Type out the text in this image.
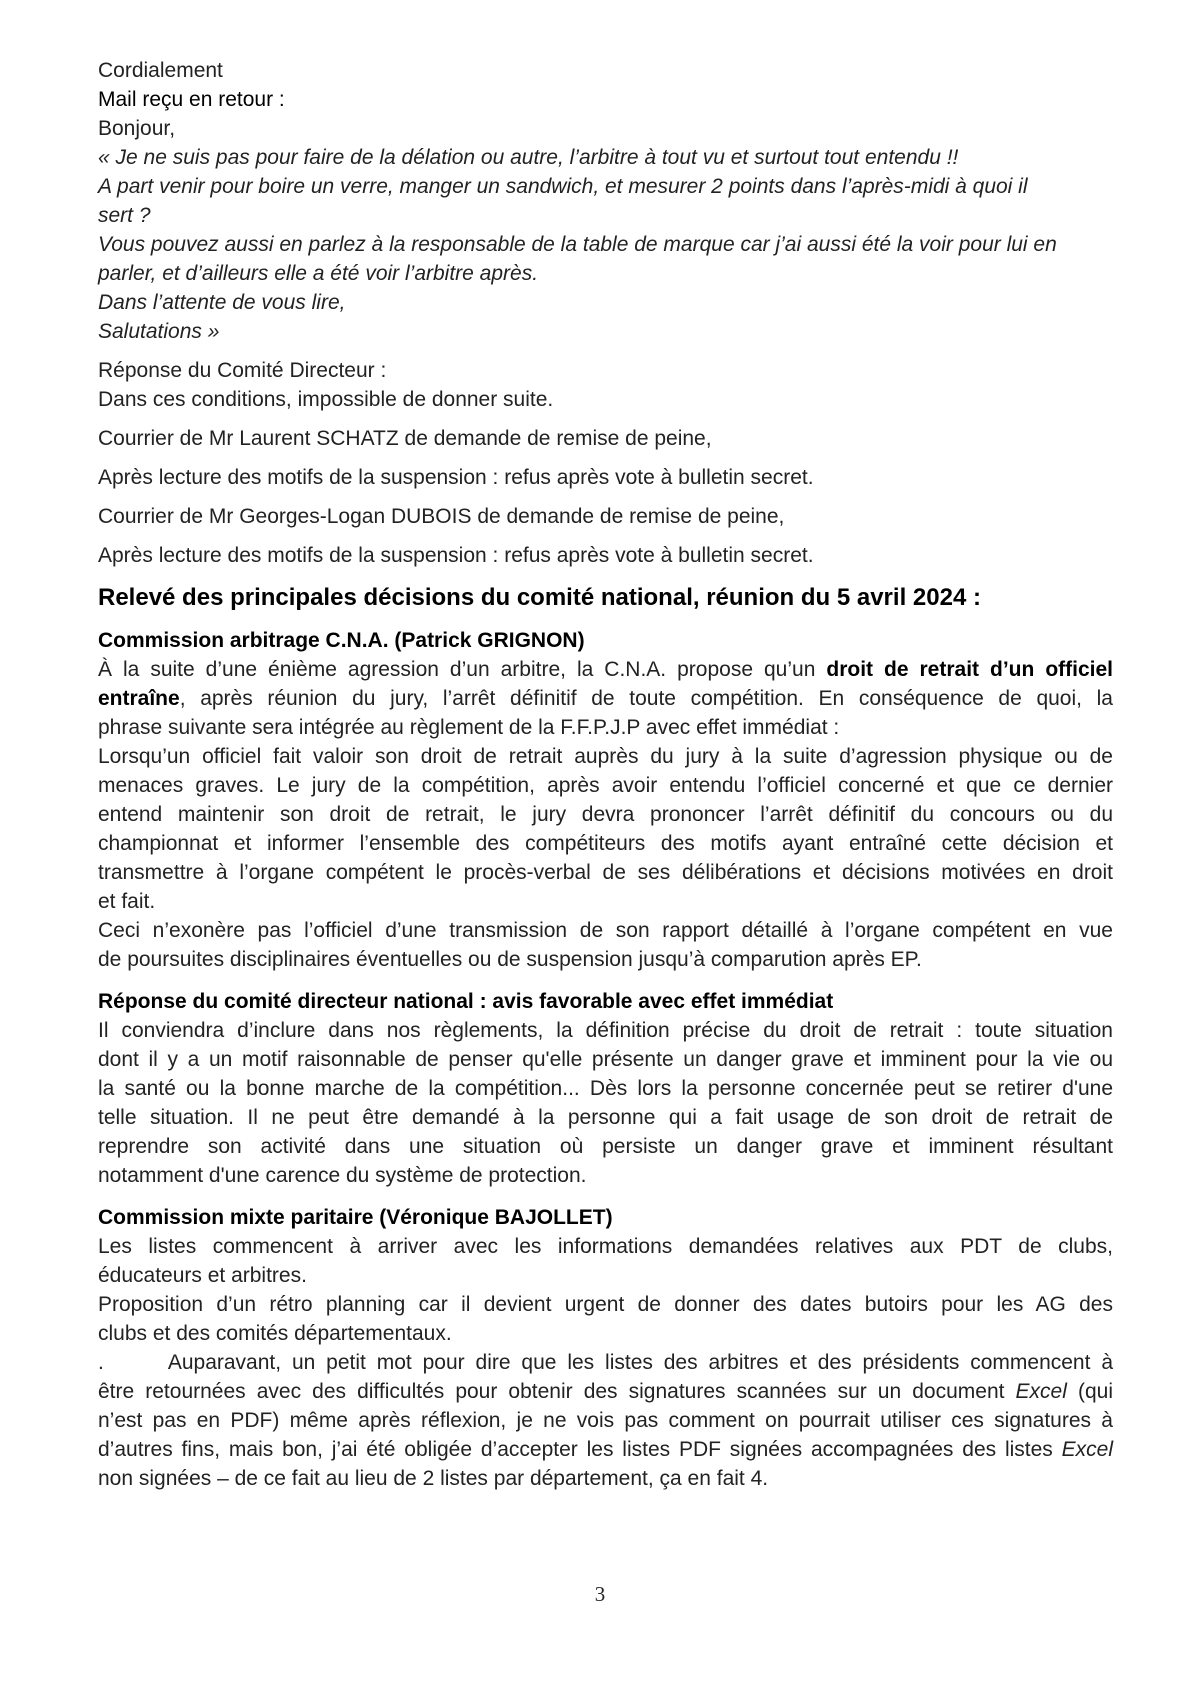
Cordialement
Mail reçu en retour :
Bonjour,
« Je ne suis pas pour faire de la délation ou autre, l’arbitre à tout vu et surtout tout entendu !!
A part venir pour boire un verre, manger un sandwich, et mesurer 2 points dans l’après-midi à quoi il
sert ?
Vous pouvez aussi en parlez à la responsable de la table de marque car j’ai aussi été la voir pour lui en
parler, et d’ailleurs elle a été voir l’arbitre après.
Dans l’attente de vous lire,
Salutations »
Réponse du Comité Directeur :
Dans ces conditions, impossible de donner suite.
Courrier de Mr Laurent SCHATZ de demande de remise de peine,
Après lecture des motifs de la suspension : refus après vote à bulletin secret.
Courrier de Mr Georges-Logan DUBOIS de demande de remise de peine,
Après lecture des motifs de la suspension : refus après vote à bulletin secret.
Relevé des principales décisions du comité national, réunion du 5 avril 2024 :
Commission arbitrage C.N.A. (Patrick GRIGNON)
À la suite d’une énième agression d’un arbitre, la C.N.A. propose qu’un droit de retrait d’un officiel
entraîne, après réunion du jury, l’arrêt définitif de toute compétition. En conséquence de quoi, la
phrase suivante sera intégrée au règlement de la F.F.P.J.P avec effet immédiat :
Lorsqu’un officiel fait valoir son droit de retrait auprès du jury à la suite d’agression physique ou de
menaces graves. Le jury de la compétition, après avoir entendu l’officiel concerné et que ce dernier
entend maintenir son droit de retrait, le jury devra prononcer l’arrêt définitif du concours ou du
championnat et informer l’ensemble des compétiteurs des motifs ayant entraîné cette décision et
transmettre à l’organe compétent le procès-verbal de ses délibérations et décisions motivées en droit
et fait.
Ceci n’exonère pas l’officiel d’une transmission de son rapport détaillé à l’organe compétent en vue
de poursuites disciplinaires éventuelles ou de suspension jusqu’à comparution après EP.
Réponse du comité directeur national : avis favorable avec effet immédiat
Il conviendra d’inclure dans nos règlements, la définition précise du droit de retrait : toute situation
dont il y a un motif raisonnable de penser qu'elle présente un danger grave et imminent pour la vie ou
la santé ou la bonne marche de la compétition... Dès lors la personne concernée peut se retirer d'une
telle situation. Il ne peut être demandé à la personne qui a fait usage de son droit de retrait de
reprendre son activité dans une situation où persiste un danger grave et imminent résultant
notamment d'une carence du système de protection.
Commission mixte paritaire (Véronique BAJOLLET)
Les listes commencent à arriver avec les informations demandées relatives aux PDT de clubs,
éducateurs et arbitres.
Proposition d’un rétro planning car il devient urgent de donner des dates butoirs pour les AG des
clubs et des comités départementaux.
.	Auparavant, un petit mot pour dire que les listes des arbitres et des présidents commencent à
être retournées avec des difficultés pour obtenir des signatures scannées sur un document Excel (qui
n’est pas en PDF) même après réflexion, je ne vois pas comment on pourrait utiliser ces signatures à
d’autres fins, mais bon, j’ai été obligée d’accepter les listes PDF signées accompagnées des listes Excel
non signées – de ce fait au lieu de 2 listes par département, ça en fait 4.
3
